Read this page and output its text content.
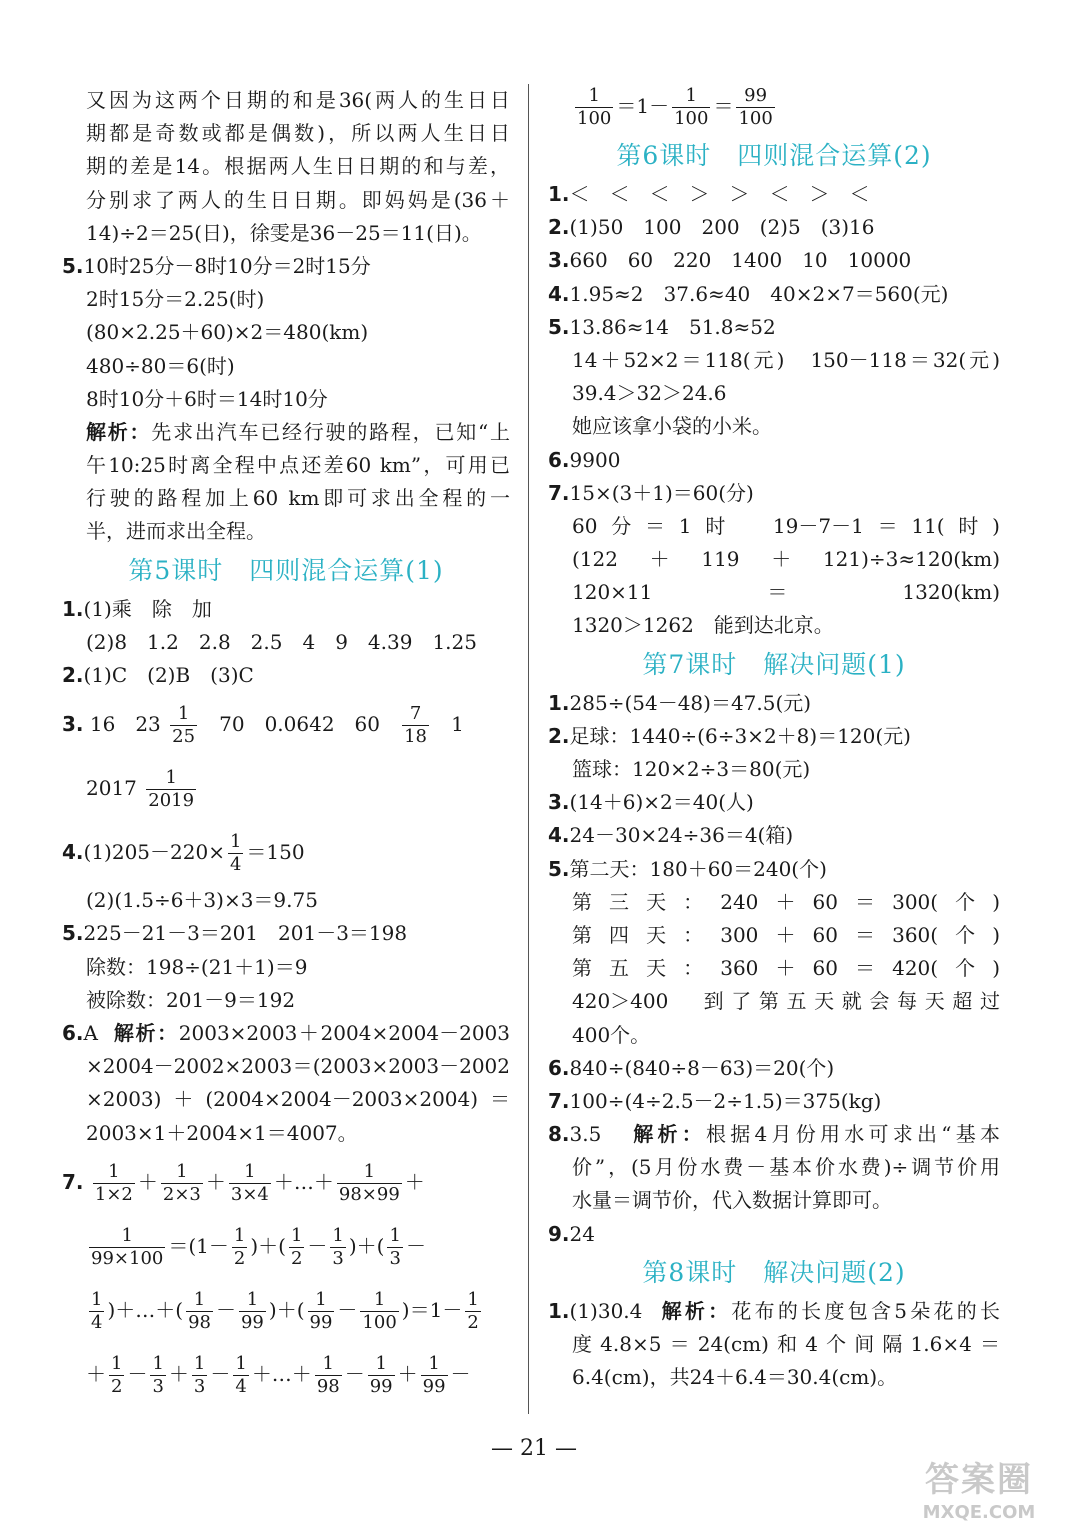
又因为这两个日期的和是36(两人的生日日
期都是奇数或都是偶数)，所以两人生日日
期的差是14。根据两人生日日期的和与差，
分别求了两人的生日日期。即妈妈是(36＋
14)÷2＝25(日)，徐雯是36－25＝11(日)。
5.10时25分－8时10分＝2时15分
2时15分＝2.25(时)
(80×2.25＋60)×2＝480(km)
480÷80＝6(时)
8时10分＋6时＝14时10分
解析：先求出汽车已经行驶的路程，已知“上
午10:25时离全程中点还差60 km”，可用已
行驶的路程加上60 km即可求出全程的一
半，进而求出全程。
第5课时　四则混合运算(1)
1.(1)乘　除　加
(2)8　1.2　2.8　2.5　4　9　4.39　1.25
2.(1)C　(2)B　(3)C
3. 16　$23 \frac{1}{25} 70$　0.0642　$60 \frac{7}{18} 1$
$2017 \frac{1}{2019}$
$4.(1)205-220\times \frac{1}{4} =150$
(2)(1.5÷6＋3)×3＝9.75
5.225－21－3＝201　201－3＝198
除数：198÷(21＋1)＝9
被除数：201－9＝192
6.A 解析：2003×2003＋2004×2004－2003
×2004－2002×2003＝(2003×2003－2002
×2003)＋(2004×2004－2003×2004)＝
2003×1＋2004×1＝4007。
7. $\frac{1}{1\times 2} + \frac{1}{2\times 3} + \frac{1}{3\times 4}$ ＋…＋ $\frac{1}{98\times 99}$ ＋
$\frac{1}{99\times 100} =(1- \frac{1}{2}$ )＋( $\frac{1}{2} - \frac{1}{3}$ )＋( $\frac{1}{3}$ －
$\frac{1}{4}$ )＋…＋( $\frac{1}{98} - \frac{1}{99}$ )＋( $\frac{1}{99} - \frac{1}{100} )=1- \frac{1}{2}$
＋ $\frac{1}{2} - \frac{1}{3} + \frac{1}{3} - \frac{1}{4}$ ＋…＋ $\frac{1}{98} - \frac{1}{99} + \frac{1}{99}$ －
$\frac{1}{100} =1- \frac{1}{100} = \frac{99}{100}$
第6课时　四则混合运算(2)
1.＜　＜　＜　＞　＞　＜　＞　＜
2.(1)50　100　200　(2)5　(3)16
3.660　60　220　1400　10　10000
4.1.95≈2　37.6≈40　40×2×7＝560(元)
5.13.86≈14　51.8≈52
14＋52×2＝118(元)　150－118＝32(元)
39.4＞32＞24.6
她应该拿小袋的小米。
6.9900
7.15×(3＋1)＝60(分)
60分＝1时　19－7－1＝11(时)
(122＋119＋121)÷3≈120(km)
120×11＝1320(km)
1320＞1262　能到达北京。
第7课时　解决问题(1)
1.285÷(54－48)＝47.5(元)
2.足球：1440÷(6÷3×2＋8)＝120(元)
篮球：120×2÷3＝80(元)
3.(14＋6)×2＝40(人)
4.24－30×24÷36＝4(箱)
5.第二天：180＋60＝240(个)
第三天：240＋60＝300(个)
第四天：300＋60＝360(个)
第五天：360＋60＝420(个)
420＞400　到了第五天就会每天超过
400个。
6.840÷(840÷8－63)＝20(个)
7.100÷(4÷2.5－2÷1.5)＝375(kg)
8.3.5 解析：根据4月份用水可求出“基本
价”，(5月份水费－基本价水费)÷调节价用
水量＝调节价，代入数据计算即可。
9.24
第8课时　解决问题(2)
1.(1)30.4 解析：花布的长度包含5朵花的长
度4.8×5＝24(cm)和4个间隔1.6×4＝
6.4(cm)，共24＋6.4＝30.4(cm)。
— 21 —
答案圈
MXQE.COM
